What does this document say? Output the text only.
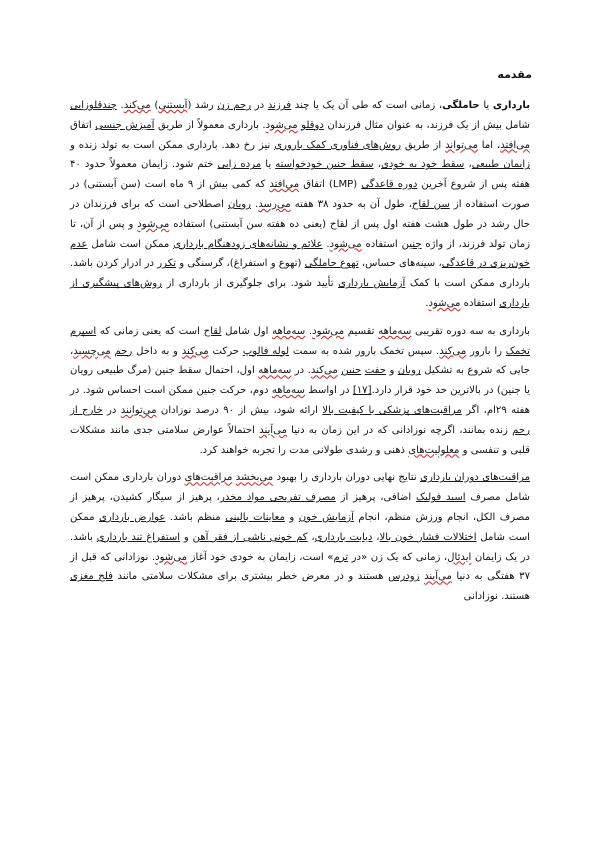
مقدمه

بارداری یا حاملگی، زمانی است که طی آن یک یا چند فرزند در رحم زن رشد (آبستنی) می‌کند. چندقلوزایی شامل بیش از یک فرزند، به عنوان مثال فرزندان دوقلو می‌شود. بارداری معمولاً از طریق آمیزش جنسی اتفاق می‌افتد، اما می‌تواند از طریق روش‌های فناوری کمک باروری نیز رخ دهد. بارداری ممکن است به تولد زنده و زایمان طبیعی، سقط خود به خودی، سقط جنین خودخواسته یا مرده زایی ختم شود. زایمان معمولاً حدود ۴۰ هفته پس از شروع آخرین دوره قاعدگی (LMP) اتفاق می‌افتد که کمی بیش از ۹ ماه است (سن آبستنی) در صورت استفاده از سن لقاح، طول آن به حدود ۳۸ هفته می‌رسد. رویان اصطلاحی است که برای فرزندان در حال رشد در طول هشت هفته اول پس از لقاح (یعنی ده هفته سن آبستنی) استفاده می‌شود و پس از آن، تا زمان تولد فرزند، از واژه جنین استفاده می‌شود. علائم و نشانه‌های زودهنگام بارداری ممکن است شامل عدم خون‌ریزی در قاعدگی، سینه‌های حساس، تهوع حاملگی (تهوع و استفراغ)، گرسنگی و تکرر در ادرار کردن باشد. بارداری ممکن است با کمک آزمایش بارداری تأیید شود. برای جلوگیری از بارداری از روش‌های پیشگیری از بارداری استفاده می‌شود.

بارداری به سه دوره تقریبی سه‌ماهه تقسیم می‌شود. سه‌ماهه اول شامل لقاح است که یعنی زمانی که اسپرم تخمک را بارور می‌کند. سپس تخمک بارور شده به سمت لوله فالوپ حرکت می‌کند و به داخل رحم می‌چسبد، جایی که شروع به تشکیل رویان و جفت جنین می‌کند. در سه‌ماهه اول، احتمال سقط جنین (مرگ طبیعی رویان یا جنین) در بالاترین حد خود قرار دارد.[۱۷] در اواسط سه‌ماهه دوم، حرکت جنین ممکن است احساس شود. در هفته ۲۹ام، اگر مراقبت‌های پزشکی با کیفیت بالا ارائه شود، بیش از ۹۰ درصد نوزادان می‌توانند در خارج از رحم زنده بمانند، اگرچه نوزادانی که در این زمان به دنیا می‌آیند احتمالاً عوارض سلامتی جدی مانند مشکلات قلبی و تنفسی و معلولیت‌های ذهنی و رشدی طولانی مدت را تجربه خواهند کرد.

مراقبت‌های دوران بارداری نتایج نهایی دوران بارداری را بهبود می‌بخشد مراقبت‌های دوران بارداری ممکن است شامل مصرف اسید فولیک اضافی، پرهیز از مصرف تفریحی مواد مخدر، پرهیز از سیگار کشیدن، پرهیز از مصرف الکل، انجام ورزش منظم، انجام آزمایش خون و معاینات بالینی منظم باشد. عوارض بارداری ممکن است شامل اختلالات فشار خون بالا، دیابت بارداری، کم خونی ناشی از فقر آهن و استفراغ تند بارداری باشد. در یک زایمان ایدئال، زمانی که یک زن «در ترم» است، زایمان به خودی خود آغاز می‌شود. نوزادانی که قبل از ۳۷ هفتگی به دنیا می‌آیند زودرس هستند و در معرض خطر بیشتری برای مشکلات سلامتی مانند فلج مغزی هستند. نوزادانی
